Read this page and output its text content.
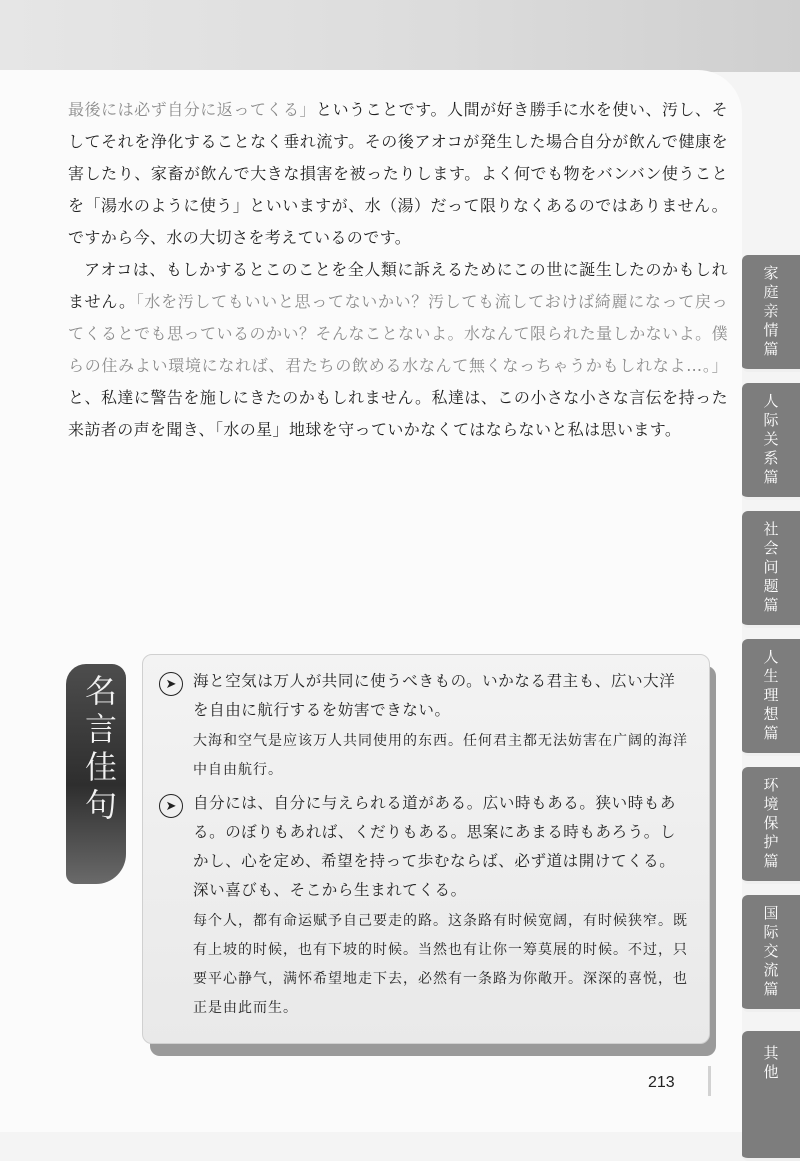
最後には必ず自分に返ってくる」ということです。人間が好き勝手に水を使い、汚し、そしてそれを浄化することなく垂れ流す。その後アオコが発生した場合自分が飲んで健康を害したり、家畜が飲んで大きな損害を被ったりします。よく何でも物をバンバン使うことを「湯水のように使う」といいますが、水（湯）だって限りなくあるのではありません。ですから今、水の大切さを考えているのです。

アオコは、もしかするとこのことを全人類に訴えるためにこの世に誕生したのかもしれません。「水を汚してもいいと思ってないかい？汚しても流しておけば綺麗になって戻ってくるとでも思っているのかい？そんなことないよ。水なんて限られた量しかないよ。僕らの住みよい環境になれば、君たちの飲める水なんて無くなっちゃうかもしれなよ…。」と、私達に警告を施しにきたのかもしれません。私達は、この小さな小さな言伝を持った来訪者の声を聞き、「水の星」地球を守っていかなくてはならないと私は思います。

家庭亲情篇
人际关系篇
社会问题篇
人生理想篇
环境保护篇
国际交流篇
其他
➤	海と空気は万人が共同に使うべきもの。いかなる君主も、広い大洋を自由に航行するを妨害できない。
大海和空气是应该万人共同使用的东西。任何君主都无法妨害在广阔的海洋中自由航行。
➤	自分には、自分に与えられる道がある。広い時もある。狭い時もある。のぼりもあれば、くだりもある。思案にあまる時もあろう。しかし、心を定め、希望を持って歩むならば、必ず道は開けてくる。深い喜びも、そこから生まれてくる。
每个人，都有命运赋予自己要走的路。这条路有时候宽阔，有时候狭窄。既有上坡的时候，也有下坡的时候。当然也有让你一筹莫展的时候。不过，只要平心静气，满怀希望地走下去，必然有一条路为你敞开。深深的喜悦，也正是由此而生。
名言佳句
213
